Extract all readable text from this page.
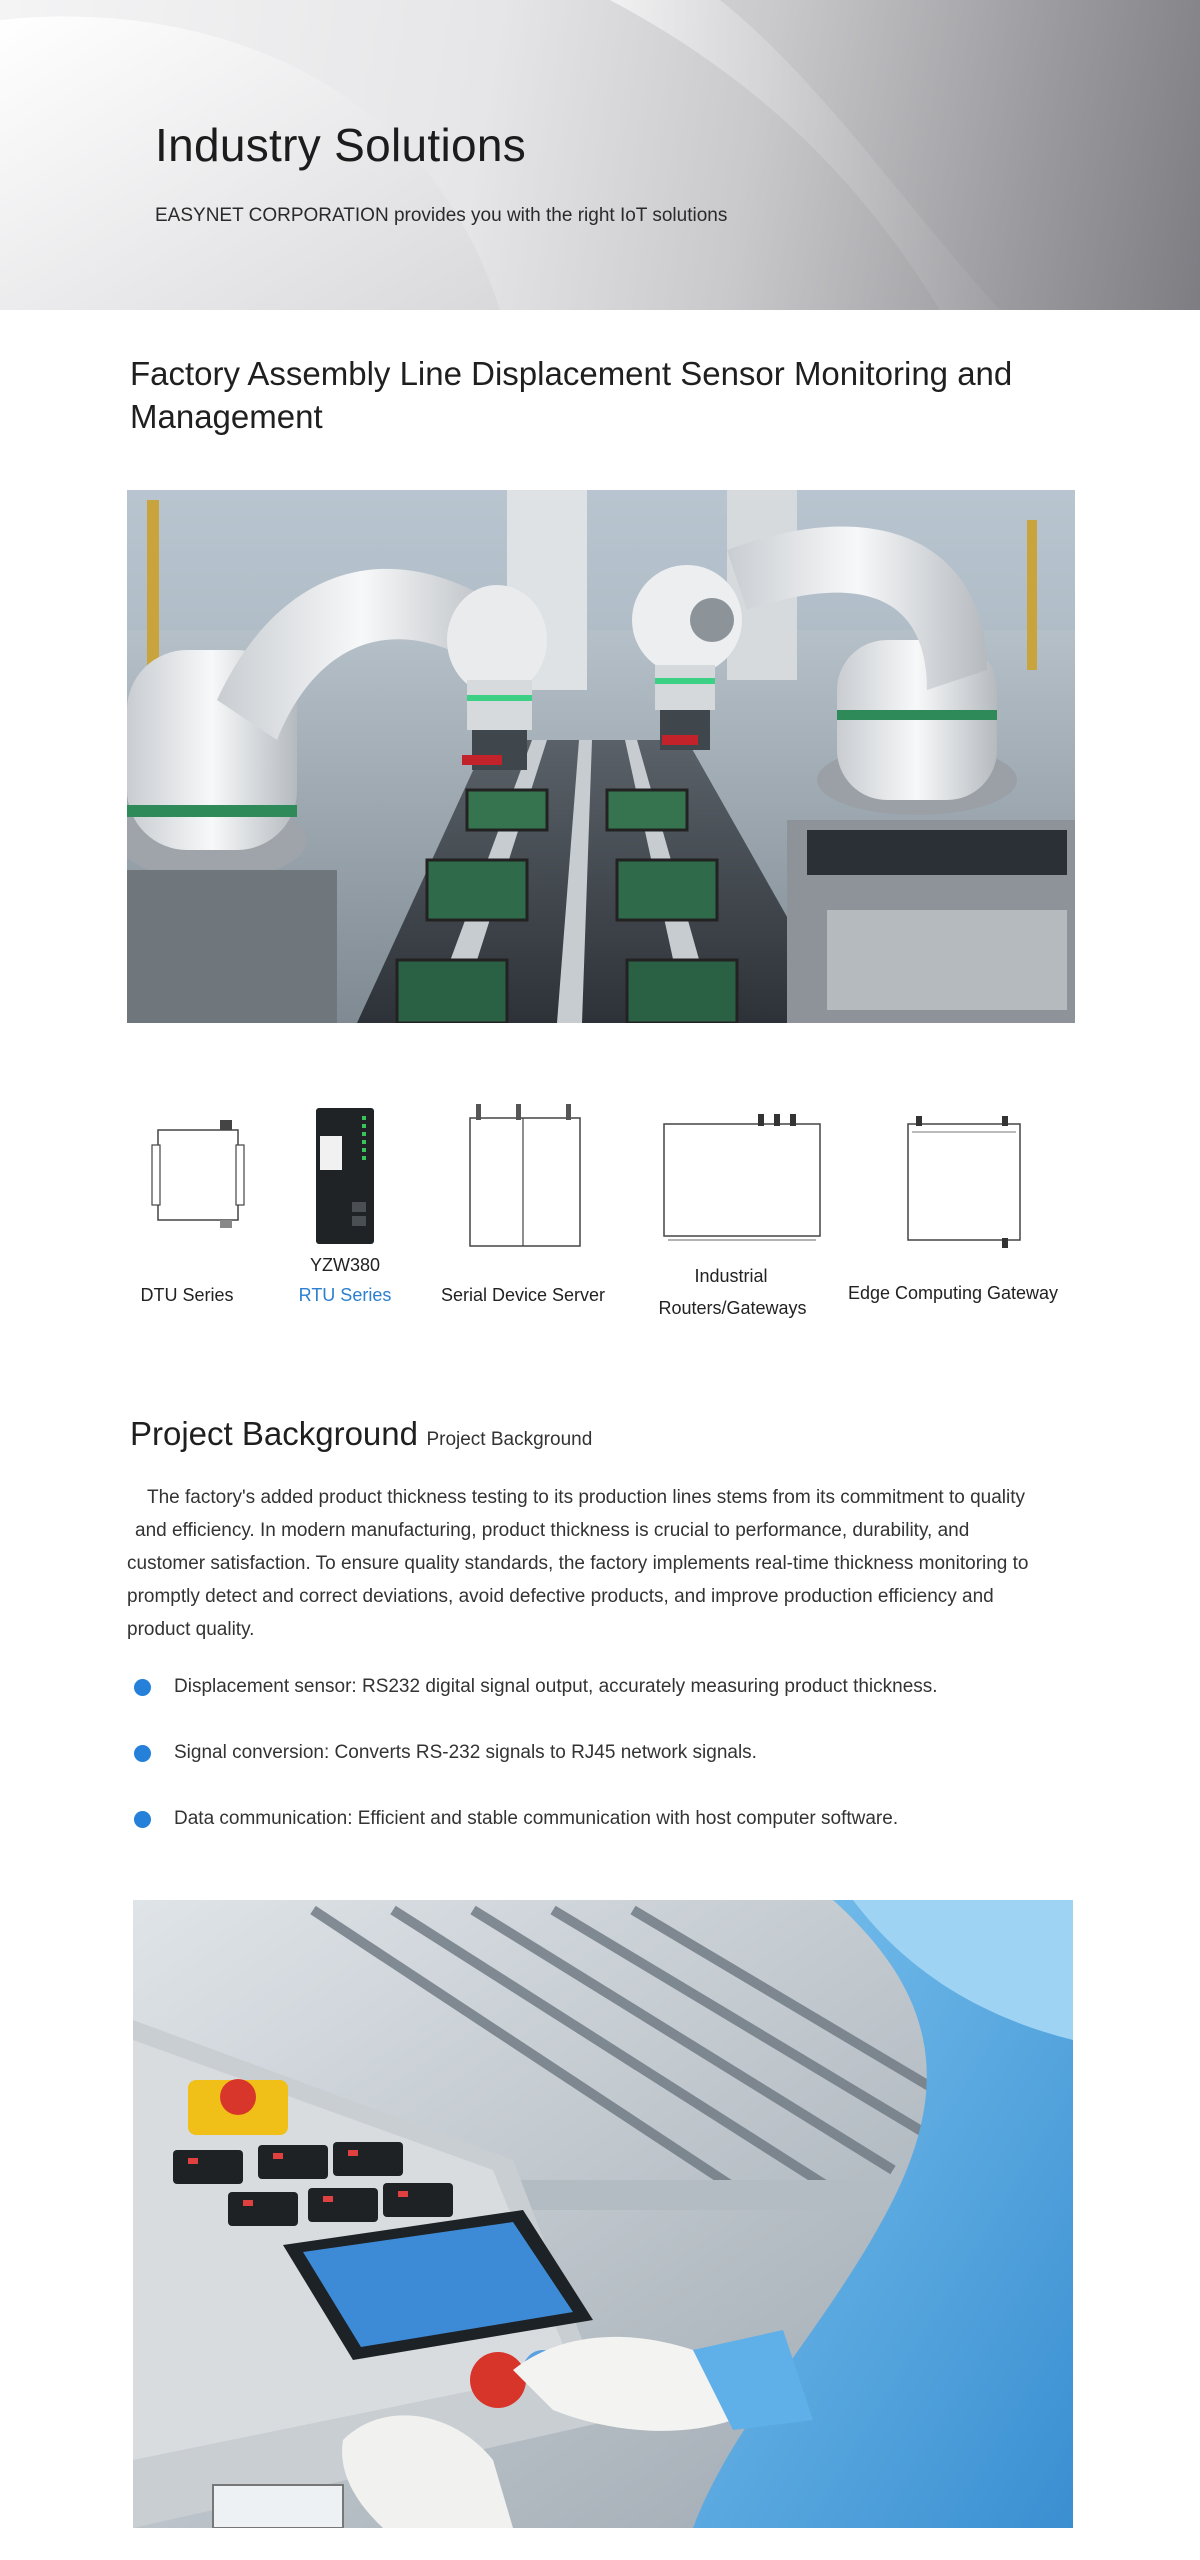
Industry Solutions

EASYNET CORPORATION provides you with the right IoT solutions

Factory Assembly Line Displacement Sensor Monitoring and Management
DTU Series
YZW380
RTU Series	Serial Device Server
Industrial
Routers/Gateways
Edge Computing Gateway
Project Background Project Background
The factory's added product thickness testing to its production lines stems from its commitment to quality
and efficiency. In modern manufacturing, product thickness is crucial to performance, durability, and
customer satisfaction. To ensure quality standards, the factory implements real-time thickness monitoring to
promptly detect and correct deviations, avoid defective products, and improve production efficiency and
product quality.
Displacement sensor: RS232 digital signal output, accurately measuring product thickness.
Signal conversion: Converts RS-232 signals to RJ45 network signals.
Data communication: Efficient and stable communication with host computer software.
